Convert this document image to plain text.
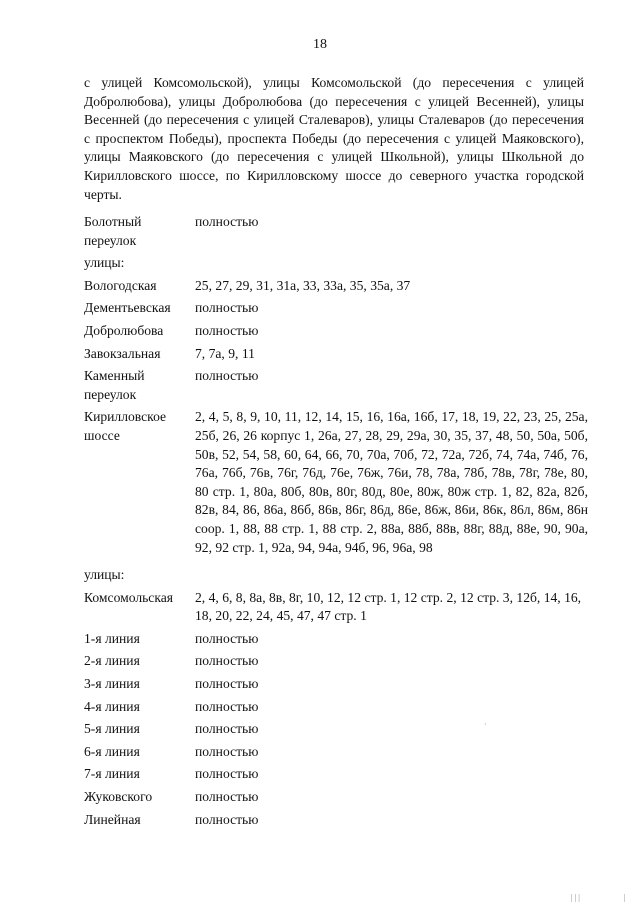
18

с улицей Комсомольской), улицы Комсомольской (до пересечения с улицей Добролюбова), улицы Добролюбова (до пересечения с улицей Весенней), улицы Весенней (до пересечения с улицей Сталеваров), улицы Сталеваров (до пересечения с проспектом Победы), проспекта Победы (до пересечения с улицей Маяковского), улицы Маяковского (до пересечения с улицей Школьной), улицы Школьной до Кирилловского шоссе, по Кирилловскому шоссе до северного участка городской черты.

Болотный переулок	полностью
улицы:	
Вологодская	25, 27, 29, 31, 31а, 33, 33а, 35, 35а, 37
Дементьевская	полностью
Добролюбова	полностью
Завокзальная	7, 7а, 9, 11
Каменный переулок	полностью
Кирилловское шоссе	2, 4, 5, 8, 9, 10, 11, 12, 14, 15, 16, 16а, 16б, 17, 18, 19, 22, 23, 25, 25а, 25б, 26, 26 корпус 1, 26а, 27, 28, 29, 29а, 30, 35, 37, 48, 50, 50а, 50б, 50в, 52, 54, 58, 60, 64, 66, 70, 70а, 70б, 72, 72а, 72б, 74, 74а, 74б, 76, 76а, 76б, 76в, 76г, 76д, 76е, 76ж, 76и, 78, 78а, 78б, 78в, 78г, 78е, 80, 80 стр. 1, 80а, 80б, 80в, 80г, 80д, 80е, 80ж, 80ж стр. 1, 82, 82а, 82б, 82в, 84, 86, 86а, 86б, 86в, 86г, 86д, 86е, 86ж, 86и, 86к, 86л, 86м, 86н соор. 1, 88, 88 стр. 1, 88 стр. 2, 88а, 88б, 88в, 88г, 88д, 88е, 90, 90а, 92, 92 стр. 1, 92а, 94, 94а, 94б, 96, 96а, 98
улицы:	
Комсомольская	2, 4, 6, 8, 8а, 8в, 8г, 10, 12, 12 стр. 1, 12 стр. 2, 12 стр. 3, 12б, 14, 16, 18, 20, 22, 24, 45, 47, 47 стр. 1
1-я линия	полностью
2-я линия	полностью
3-я линия	полностью
4-я линия	полностью
5-я линия	полностью
6-я линия	полностью
7-я линия	полностью
Жуковского	полностью
Линейная	полностью
·
| | |	|
